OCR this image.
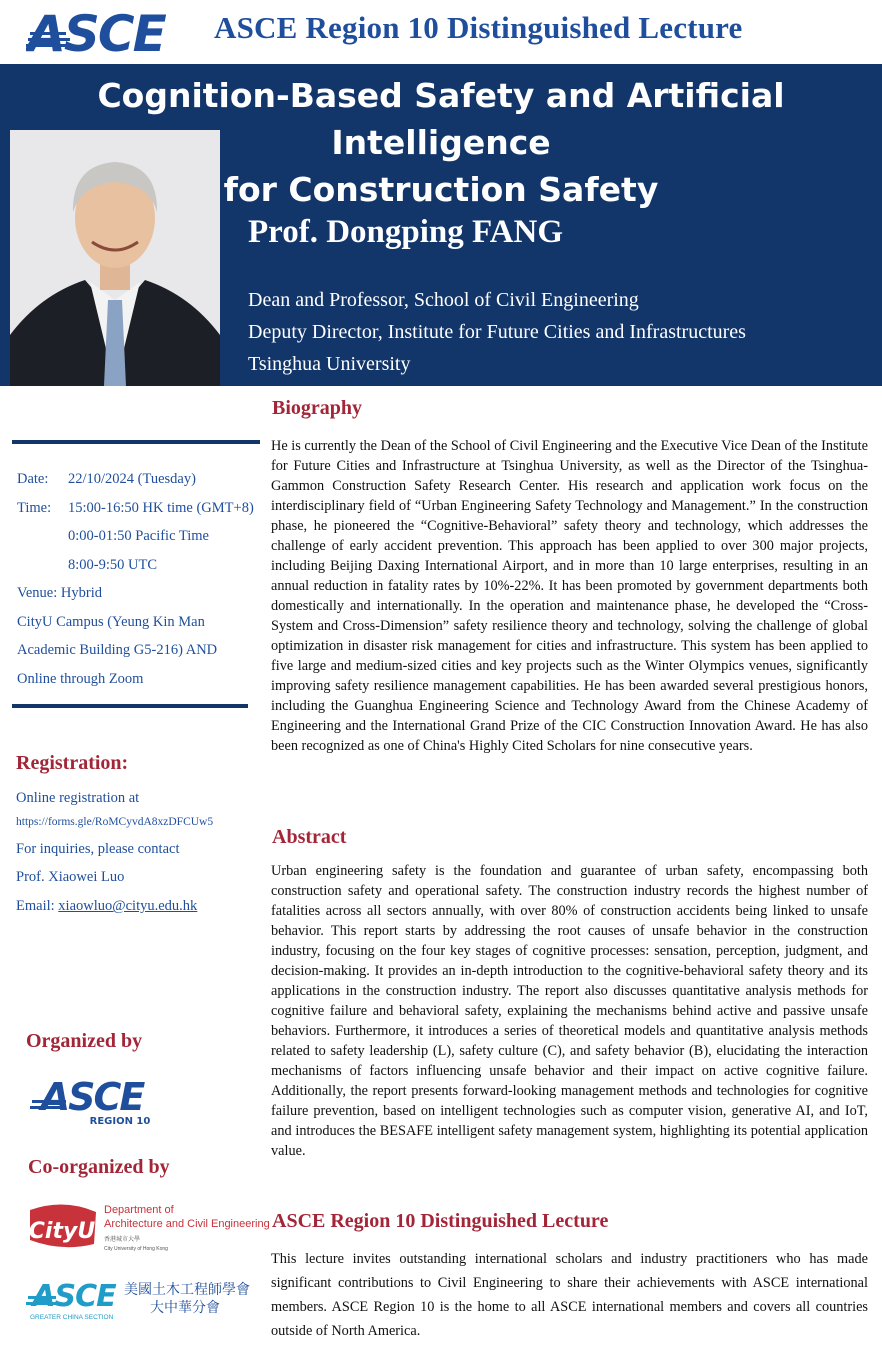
ASCE ASCE Region 10 Distinguished Lecture
Cognition-Based Safety and Artificial Intelligence
for Construction Safety
Prof. Dongping FANG
Dean and Professor, School of Civil Engineering
Deputy Director, Institute for Future Cities and Infrastructures
Tsinghua University
Date: 22/10/2024 (Tuesday)
Time: 15:00-16:50 HK time (GMT+8)
0:00-01:50 Pacific Time
8:00-9:50 UTC
Venue: Hybrid
CityU Campus (Yeung Kin Man
Academic Building G5-216) AND
Online through Zoom
Registration:
Online registration at
https://forms.gle/RoMCyvdA8xzDFCUw5
For inquiries, please contact
Prof. Xiaowei Luo
Email: xiaowluo@cityu.edu.hk
Organized by
ASCE
REGION 10
Co-organized by
CityU
Department of
Architecture and Civil Engineering
香港城市大學
City University of Hong Kong
ASCE
GREATER CHINA SECTION
美國土木工程師學會
大中華分會
Biography
He is currently the Dean of the School of Civil Engineering and the Executive Vice Dean of the Institute for Future Cities and Infrastructure at Tsinghua University, as well as the Director of the Tsinghua-Gammon Construction Safety Research Center. His research and application work focus on the interdisciplinary field of “Urban Engineering Safety Technology and Management.” In the construction phase, he pioneered the “Cognitive-Behavioral” safety theory and technology, which addresses the challenge of early accident prevention. This approach has been applied to over 300 major projects, including Beijing Daxing International Airport, and in more than 10 large enterprises, resulting in an annual reduction in fatality rates by 10%-22%. It has been promoted by government departments both domestically and internationally. In the operation and maintenance phase, he developed the “Cross-System and Cross-Dimension” safety resilience theory and technology, solving the challenge of global optimization in disaster risk management for cities and infrastructure. This system has been applied to five large and medium-sized cities and key projects such as the Winter Olympics venues, significantly improving safety resilience management capabilities. He has been awarded several prestigious honors, including the Guanghua Engineering Science and Technology Award from the Chinese Academy of Engineering and the International Grand Prize of the CIC Construction Innovation Award. He has also been recognized as one of China's Highly Cited Scholars for nine consecutive years.
Abstract
Urban engineering safety is the foundation and guarantee of urban safety, encompassing both construction safety and operational safety. The construction industry records the highest number of fatalities across all sectors annually, with over 80% of construction accidents being linked to unsafe behavior. This report starts by addressing the root causes of unsafe behavior in the construction industry, focusing on the four key stages of cognitive processes: sensation, perception, judgment, and decision-making. It provides an in-depth introduction to the cognitive-behavioral safety theory and its applications in the construction industry. The report also discusses quantitative analysis methods for cognitive failure and behavioral safety, explaining the mechanisms behind active and passive unsafe behaviors. Furthermore, it introduces a series of theoretical models and quantitative analysis methods related to safety leadership (L), safety culture (C), and safety behavior (B), elucidating the interaction mechanisms of factors influencing unsafe behavior and their impact on active cognitive failure. Additionally, the report presents forward-looking management methods and technologies for cognitive failure prevention, based on intelligent technologies such as computer vision, generative AI, and IoT, and introduces the BESAFE intelligent safety management system, highlighting its potential application value.
ASCE Region 10 Distinguished Lecture
This lecture invites outstanding international scholars and industry practitioners who has made significant contributions to Civil Engineering to share their achievements with ASCE international members. ASCE Region 10 is the home to all ASCE international members and covers all countries outside of North America.
